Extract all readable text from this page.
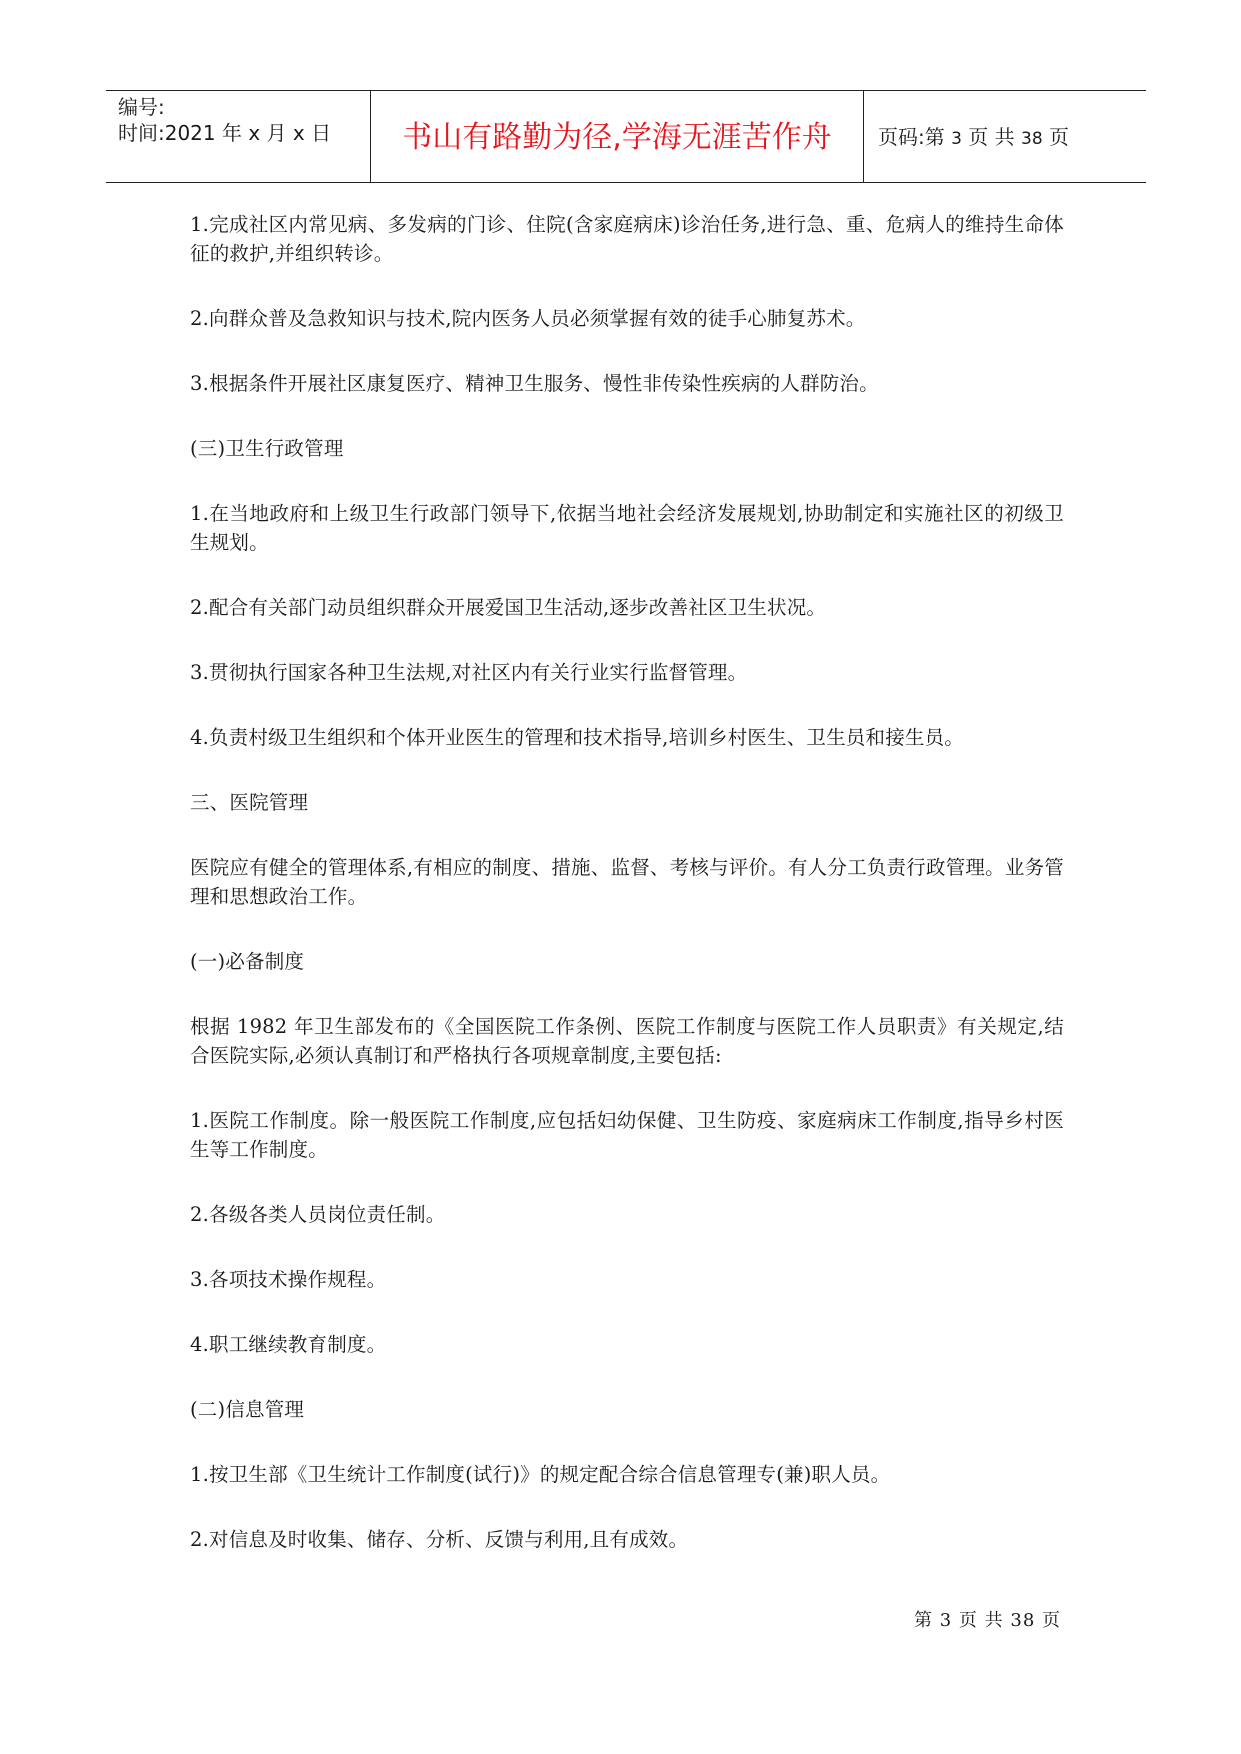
编号:
时间:2021 年 x 月 x 日	书山有路勤为径,学海无涯苦作舟	页码:第 3 页 共 38 页

1.完成社区内常见病、多发病的门诊、住院(含家庭病床)诊治任务,进行急、重、危病人的维持生命体征的救护,并组织转诊。

2.向群众普及急救知识与技术,院内医务人员必须掌握有效的徒手心肺复苏术。

3.根据条件开展社区康复医疗、精神卫生服务、慢性非传染性疾病的人群防治。

(三)卫生行政管理

1.在当地政府和上级卫生行政部门领导下,依据当地社会经济发展规划,协助制定和实施社区的初级卫生规划。

2.配合有关部门动员组织群众开展爱国卫生活动,逐步改善社区卫生状况。

3.贯彻执行国家各种卫生法规,对社区内有关行业实行监督管理。

4.负责村级卫生组织和个体开业医生的管理和技术指导,培训乡村医生、卫生员和接生员。

三、医院管理

医院应有健全的管理体系,有相应的制度、措施、监督、考核与评价。有人分工负责行政管理。业务管理和思想政治工作。

(一)必备制度

根据 1982 年卫生部发布的《全国医院工作条例、医院工作制度与医院工作人员职责》有关规定,结合医院实际,必须认真制订和严格执行各项规章制度,主要包括:

1.医院工作制度。除一般医院工作制度,应包括妇幼保健、卫生防疫、家庭病床工作制度,指导乡村医生等工作制度。

2.各级各类人员岗位责任制。

3.各项技术操作规程。

4.职工继续教育制度。

(二)信息管理

1.按卫生部《卫生统计工作制度(试行)》的规定配合综合信息管理专(兼)职人员。

2.对信息及时收集、储存、分析、反馈与利用,且有成效。

第 3 页 共 38 页
